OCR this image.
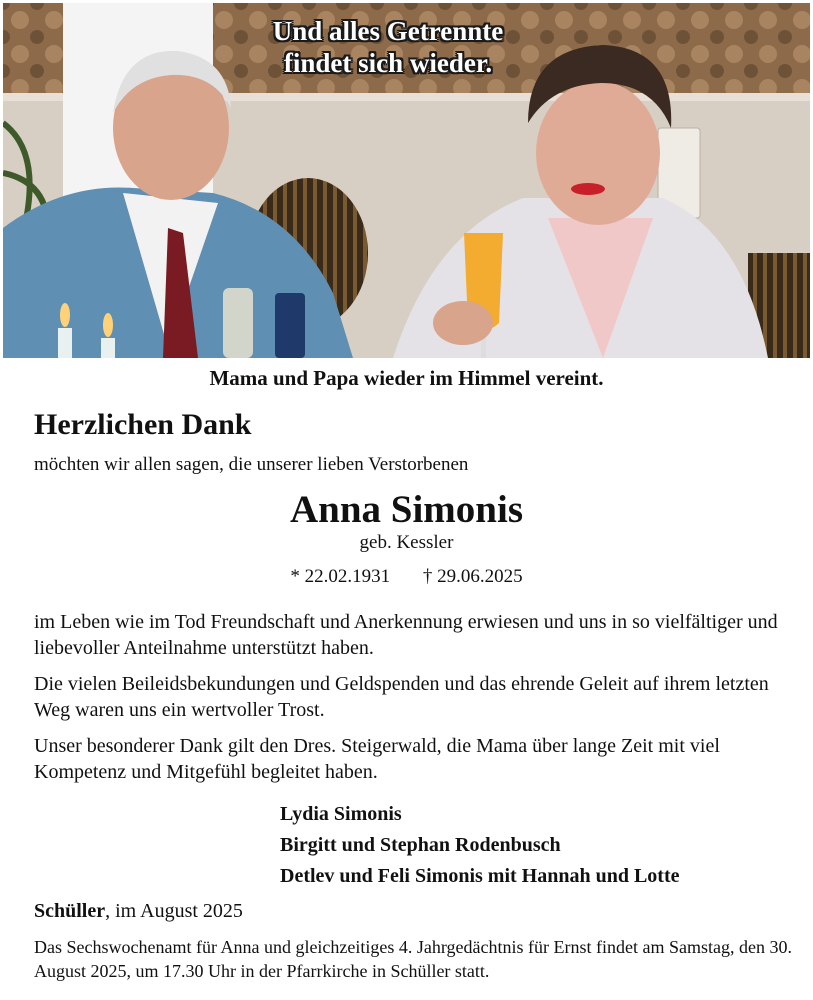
Und alles Getrennte
findet sich wieder.
Mama und Papa wieder im Himmel vereint.
Herzlichen Dank
möchten wir allen sagen, die unserer lieben Verstorbenen
Anna Simonis
geb. Kessler
* 22.02.1931 † 29.06.2025
im Leben wie im Tod Freundschaft und Anerkennung erwiesen und uns in so vielfältiger und liebevoller Anteilnahme unterstützt haben.
Die vielen Beileidsbekundungen und Geldspenden und das ehrende Geleit auf ihrem letzten Weg waren uns ein wertvoller Trost.
Unser besonderer Dank gilt den Dres. Steigerwald, die Mama über lange Zeit mit viel Kompetenz und Mitgefühl begleitet haben.
Lydia Simonis
Birgitt und Stephan Rodenbusch
Detlev und Feli Simonis mit Hannah und Lotte
Schüller, im August 2025
Das Sechswochenamt für Anna und gleichzeitiges 4. Jahrgedächtnis für Ernst findet am Samstag, den 30. August 2025, um 17.30 Uhr in der Pfarrkirche in Schüller statt.
